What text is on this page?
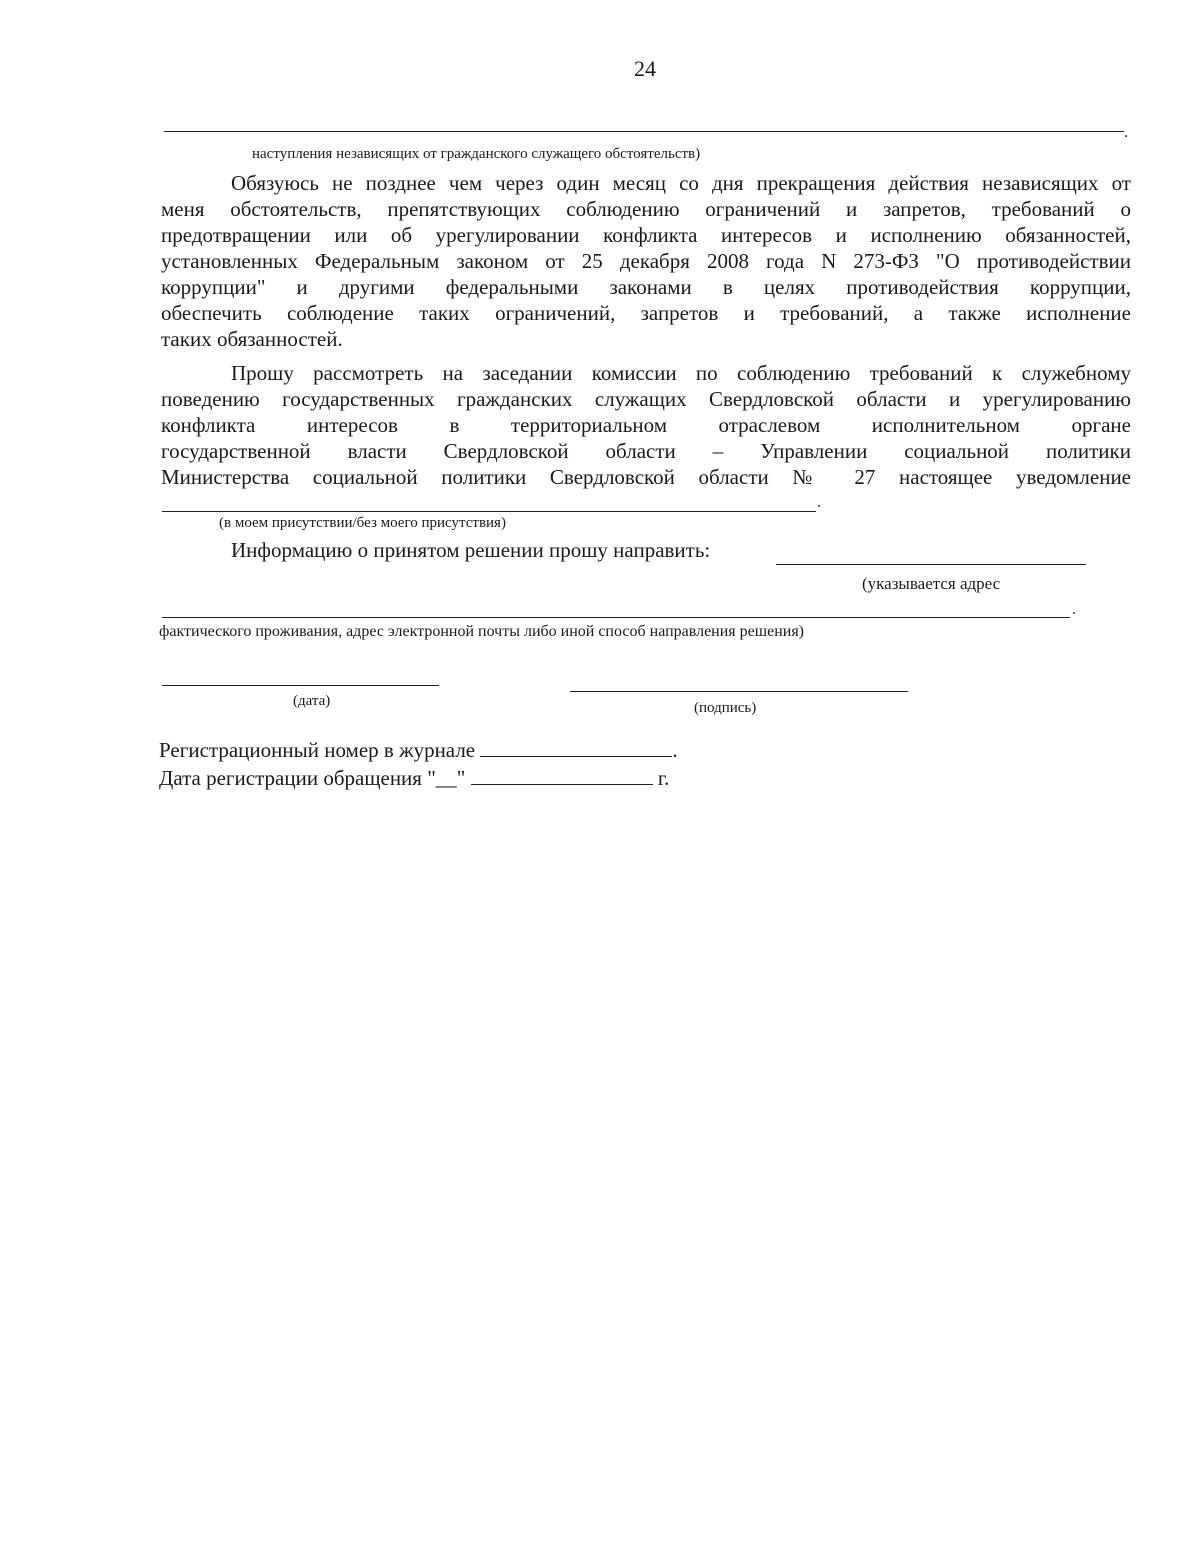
24
.
наступления независящих от гражданского служащего обстоятельств)

Обязуюсь не позднее чем через один месяц со дня прекращения действия независящих от

меня обстоятельств, препятствующих соблюдению ограничений и запретов, требований о

предотвращении или об урегулировании конфликта интересов и исполнению обязанностей,

установленных Федеральным законом от 25 декабря 2008 года N 273-ФЗ "О противодействии

коррупции" и другими федеральными законами в целях противодействия коррупции,

обеспечить соблюдение таких ограничений, запретов и требований, а также исполнение

таких обязанностей.

Прошу рассмотреть на заседании комиссии по соблюдению требований к служебному

поведению государственных гражданских служащих Свердловской области и урегулированию

конфликта интересов в территориальном отраслевом исполнительном органе

государственной власти Свердловской области – Управлении социальной политики

Министерства социальной политики Свердловской области № 27 настоящее уведомление

.
(в моем присутствии/без моего присутствия)
Информацию о принятом решении прошу направить:
(указывается адрес
.
фактического проживания, адрес электронной почты либо иной способ направления решения)
(дата)	(подпись)
Регистрационный номер в журнале	.
Дата регистрации обращения "__"	г.
